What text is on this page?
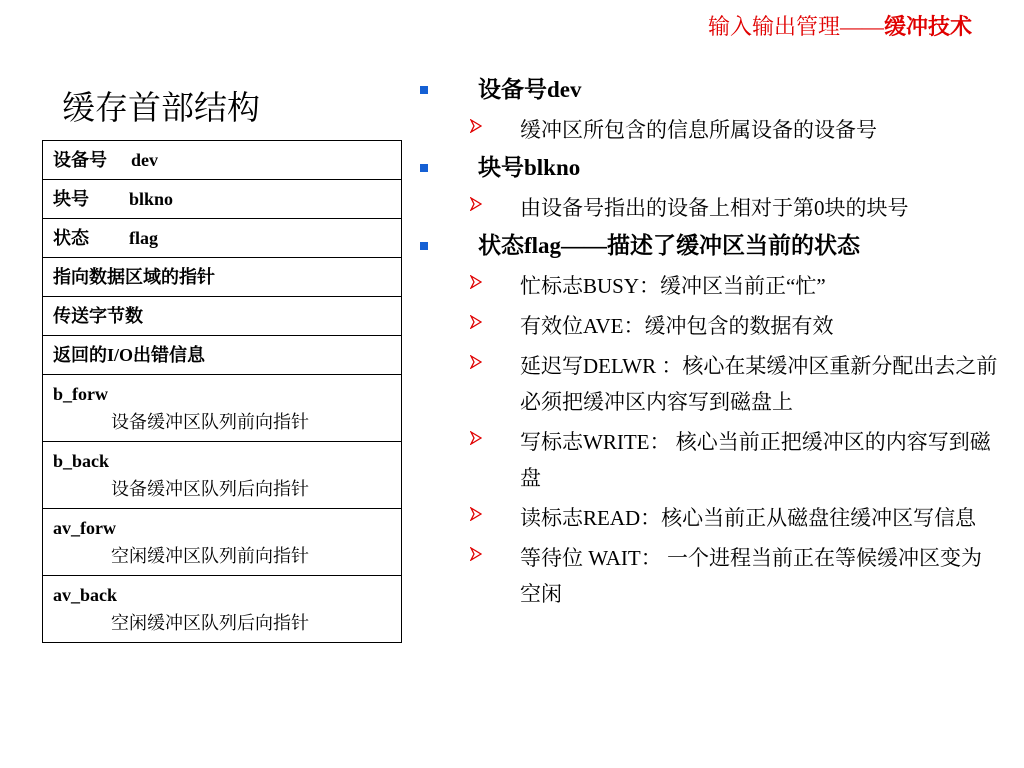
输入输出管理——缓冲技术
缓存首部结构
设备号 dev
块号 blkno
状态 flag
指向数据区域的指针
传送字节数
返回的I/O出错信息
b_forw
设备缓冲区队列前向指针

b_back
设备缓冲区队列后向指针

av_forw
空闲缓冲区队列前向指针

av_back
空闲缓冲区队列后向指针
设备号dev
缓冲区所包含的信息所属设备的设备号
块号blkno
由设备号指出的设备上相对于第0块的块号
状态flag——描述了缓冲区当前的状态
忙标志BUSY：缓冲区当前正“忙”
有效位AVE：缓冲包含的数据有效
延迟写DELWR ：核心在某缓冲区重新分配出去之前必须把缓冲区内容写到磁盘上
写标志WRITE： 核心当前正把缓冲区的内容写到磁盘
读标志READ：核心当前正从磁盘往缓冲区写信息
等待位 WAIT： 一个进程当前正在等候缓冲区变为空闲
